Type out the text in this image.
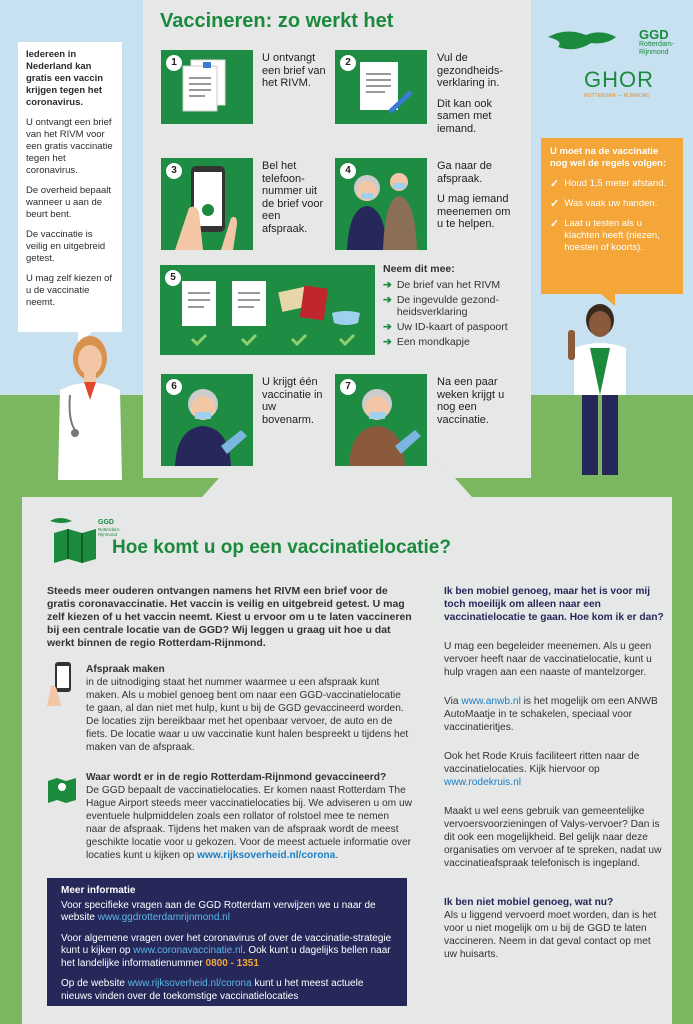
Vaccineren: zo werkt het

Iedereen in Nederland kan gratis een vaccin krijgen tegen het coronavirus.

U ontvangt een brief van het RIVM voor een gratis vaccinatie tegen het coronavirus.

De overheid bepaalt wanneer u aan de beurt bent.

De vaccinatie is veilig en uitgebreid getest.

U mag zelf kiezen of u de vaccinatie neemt.

GGD
Rotterdam-Rijnmond
GHOR
ROTTERDAM — RIJNMOND
U moet na de vaccinatie nog wel de regels volgen:
✓ Houd 1,5 meter afstand.
✓ Was vaak uw handen.
✓ Laat u testen als u klachten heeft (niezen, hoesten of koorts).
1	U ontvangt een brief van het RIVM.
2	Vul de gezondheids-verklaring in.
Dit kan ook samen met iemand.
3	Bel het telefoon-nummer uit de brief voor een afspraak.
4	Ga naar de afspraak.
U mag iemand meenemen om u te helpen.
5
Neem dit mee:
➔ De brief van het RIVM
➔ De ingevulde gezond-heidsverklaring
➔ Uw ID-kaart of paspoort
➔ Een mondkapje
6	U krijgt één vaccinatie in uw bovenarm.
7	Na een paar weken krijgt u nog een vaccinatie.
GGD
Rotterdam-Rijnmond
Hoe komt u op een vaccinatielocatie?
Steeds meer ouderen ontvangen namens het RIVM een brief voor de gratis coronavaccinatie. Het vaccin is veilig en uitgebreid getest. U mag zelf kiezen of u het vaccin neemt. Kiest u ervoor om u te laten vaccineren bij een centrale locatie van de GGD? Wij leggen u graag uit hoe u dat werkt binnen de regio Rotterdam-Rijnmond.
Afspraak maken
in de uitnodiging staat het nummer waarmee u een afspraak kunt maken. Als u mobiel genoeg bent om naar een GGD-vaccinatielocatie te gaan, al dan niet met hulp, kunt u bij de GGD gevaccineerd worden. De locaties zijn bereikbaar met het openbaar vervoer, de auto en de fiets. De locatie waar u uw vaccinatie kunt halen bespreekt u tijdens het maken van de afspraak.
Waar wordt er in de regio Rotterdam-Rijnmond gevaccineerd?
De GGD bepaalt de vaccinatielocaties. Er komen naast Rotterdam The Hague Airport steeds meer vaccinatielocaties bij. We adviseren u om uw eventuele hulpmiddelen zoals een rollator of rolstoel mee te nemen naar de afspraak. Tijdens het maken van de afspraak wordt de meest geschikte locatie voor u gekozen. Voor de meest actuele informatie over locaties kunt u kijken op www.rijksoverheid.nl/corona.

Meer informatie

Voor specifieke vragen aan de GGD Rotterdam verwijzen we u naar de website www.ggdrotterdamrijnmond.nl

Voor algemene vragen over het coronavirus of over de vaccinatie-strategie kunt u kijken op www.coronavaccinatie.nl. Ook kunt u dagelijks bellen naar het landelijke informatienummer 0800 - 1351

Op de website www.rijksoverheid.nl/corona kunt u het meest actuele nieuws vinden over de toekomstige vaccinatielocaties

Ik ben mobiel genoeg, maar het is voor mij toch moeilijk om alleen naar een vaccinatielocatie te gaan. Hoe kom ik er dan?
U mag een begeleider meenemen. Als u geen vervoer heeft naar de vaccinatielocatie, kunt u hulp vragen aan een naaste of mantelzorger.
Via www.anwb.nl is het mogelijk om een ANWB AutoMaatje in te schakelen, speciaal voor vaccinatieritjes.
Ook het Rode Kruis faciliteert ritten naar de vaccinatielocaties. Kijk hiervoor op www.rodekruis.nl
Maakt u wel eens gebruik van gemeentelijke vervoersvoorzieningen of Valys-vervoer? Dan is dit ook een mogelijkheid. Bel gelijk naar deze organisaties om vervoer af te spreken, nadat uw vaccinatieafspraak telefonisch is ingepland.
Ik ben niet mobiel genoeg, wat nu?
Als u liggend vervoerd moet worden, dan is het voor u niet mogelijk om u bij de GGD te laten vaccineren. Neem in dat geval contact op met uw huisarts.
